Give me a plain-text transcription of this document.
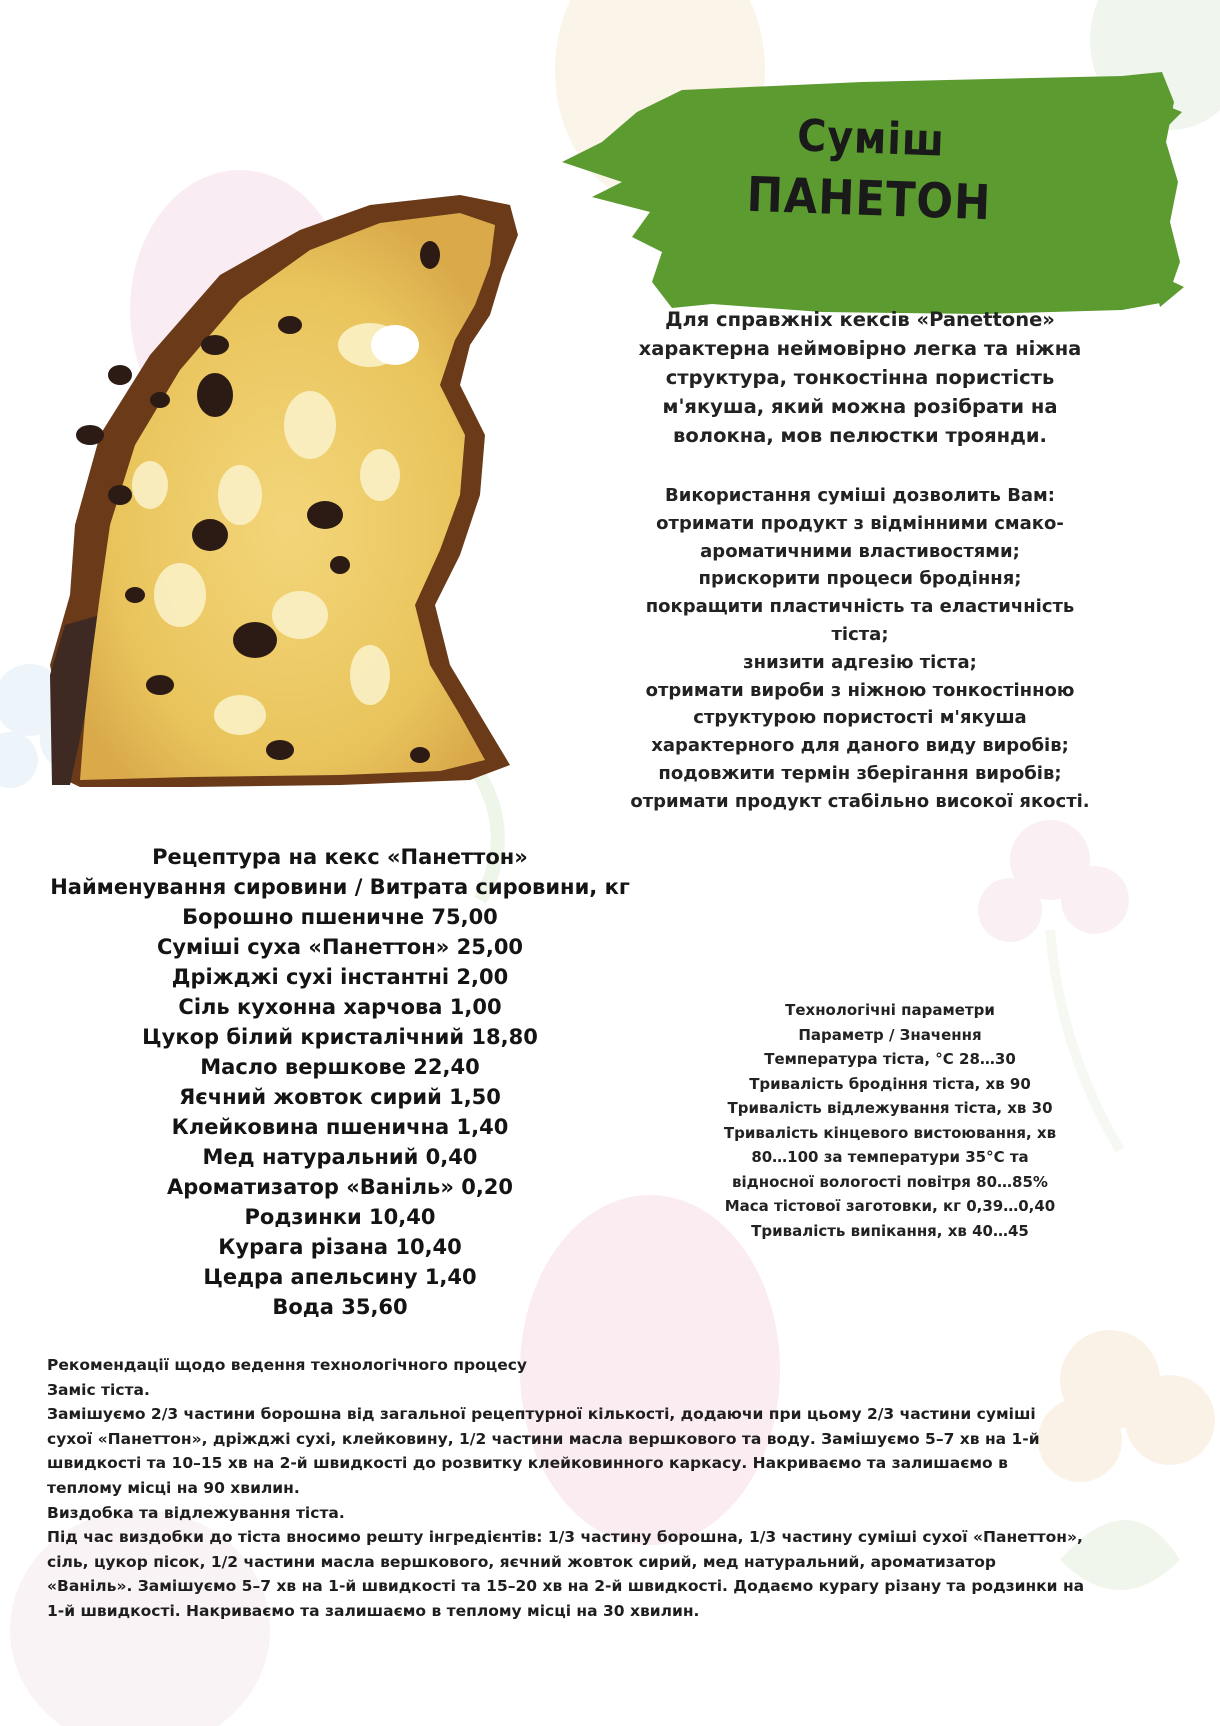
Суміш
ПАНЕТОН
Для справжніх кексів «Panettone»
характерна неймовірно легка та ніжна
структура, тонкостінна пористість
м'якуша, який можна розібрати на
волокна, мов пелюстки троянди.
Використання суміші дозволить Вам:
отримати продукт з відмінними смако-
ароматичними властивостями;
прискорити процеси бродіння;
покращити пластичність та еластичність
тіста;
знизити адгезію тіста;
отримати вироби з ніжною тонкостінною
структурою пористості м'якуша
характерного для даного виду виробів;
подовжити термін зберігання виробів;
отримати продукт стабільно високої якості.
Рецептура на кекс «Панеттон»
Найменування сировини / Витрата сировини, кг
Борошно пшеничне 75,00
Суміші суха «Панеттон» 25,00
Дріжджі сухі інстантні 2,00
Сіль кухонна харчова 1,00
Цукор білий кристалічний 18,80
Масло вершкове 22,40
Яєчний жовток сирий 1,50
Клейковина пшенична 1,40
Мед натуральний 0,40
Ароматизатор «Ваніль» 0,20
Родзинки 10,40
Курага різана 10,40
Цедра апельсину 1,40
Вода 35,60
Технологічні параметри
Параметр / Значення
Температура тіста, °С 28…30
Тривалість бродіння тіста, хв 90
Тривалість відлежування тіста, хв 30
Тривалість кінцевого вистоювання, хв
80…100 за температури 35°С та
відносної вологості повітря 80…85%
Маса тістової заготовки, кг 0,39…0,40
Тривалість випікання, хв 40…45
Рекомендації щодо ведення технологічного процесу
Заміс тіста.
Замішуємо 2/3 частини борошна від загальної рецептурної кількості, додаючи при цьому 2/3 частини суміші
сухої «Панеттон», дріжджі сухі, клейковину, 1/2 частини масла вершкового та воду. Замішуємо 5–7 хв на 1-й
швидкості та 10–15 хв на 2-й швидкості до розвитку клейковинного каркасу. Накриваємо та залишаємо в
теплому місці на 90 хвилин.
Виздобка та відлежування тіста.
Під час виздобки до тіста вносимо решту інгредієнтів: 1/3 частину борошна, 1/3 частину суміші сухої «Панеттон»,
сіль, цукор пісок, 1/2 частини масла вершкового, яєчний жовток сирий, мед натуральний, ароматизатор
«Ваніль». Замішуємо 5–7 хв на 1-й швидкості та 15–20 хв на 2-й швидкості. Додаємо курагу різану та родзинки на
1-й швидкості. Накриваємо та залишаємо в теплому місці на 30 хвилин.
